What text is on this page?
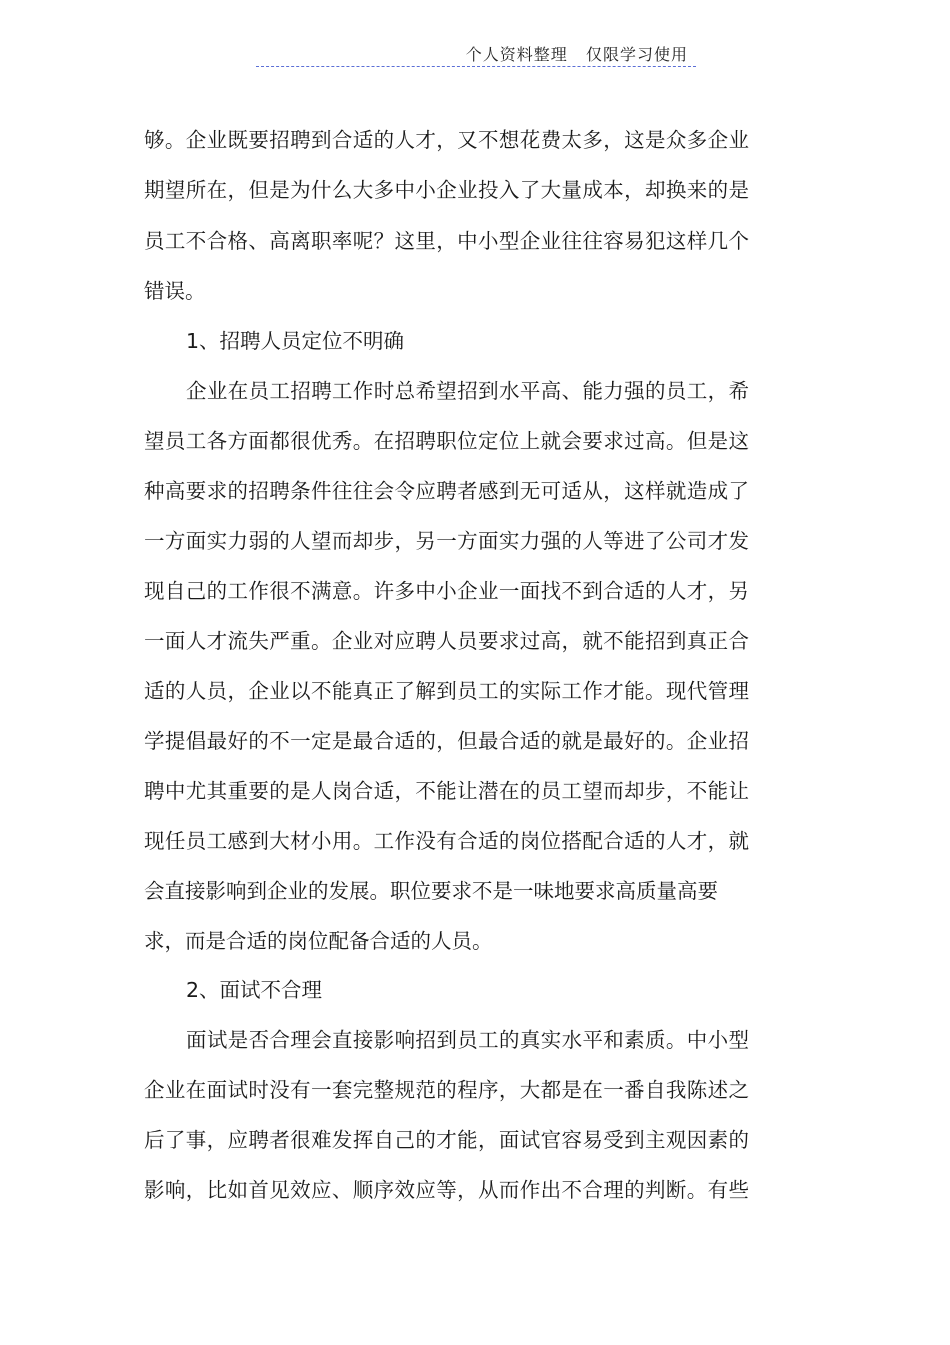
个人资料整理   仅限学习使用
够。企业既要招聘到合适的人才，又不想花费太多，这是众多企业
期望所在，但是为什么大多中小企业投入了大量成本，却换来的是
员工不合格、高离职率呢？这里，中小型企业往往容易犯这样几个
错误。
1、招聘人员定位不明确
企业在员工招聘工作时总希望招到水平高、能力强的员工，希
望员工各方面都很优秀。在招聘职位定位上就会要求过高。但是这
种高要求的招聘条件往往会令应聘者感到无可适从，这样就造成了
一方面实力弱的人望而却步，另一方面实力强的人等进了公司才发
现自己的工作很不满意。许多中小企业一面找不到合适的人才，另
一面人才流失严重。企业对应聘人员要求过高，就不能招到真正合
适的人员，企业以不能真正了解到员工的实际工作才能。现代管理
学提倡最好的不一定是最合适的，但最合适的就是最好的。企业招
聘中尤其重要的是人岗合适，不能让潜在的员工望而却步，不能让
现任员工感到大材小用。工作没有合适的岗位搭配合适的人才，就
会直接影响到企业的发展。职位要求不是一味地要求高质量高要
求，而是合适的岗位配备合适的人员。
2、面试不合理
面试是否合理会直接影响招到员工的真实水平和素质。中小型
企业在面试时没有一套完整规范的程序，大都是在一番自我陈述之
后了事，应聘者很难发挥自己的才能，面试官容易受到主观因素的
影响，比如首见效应、顺序效应等，从而作出不合理的判断。有些
